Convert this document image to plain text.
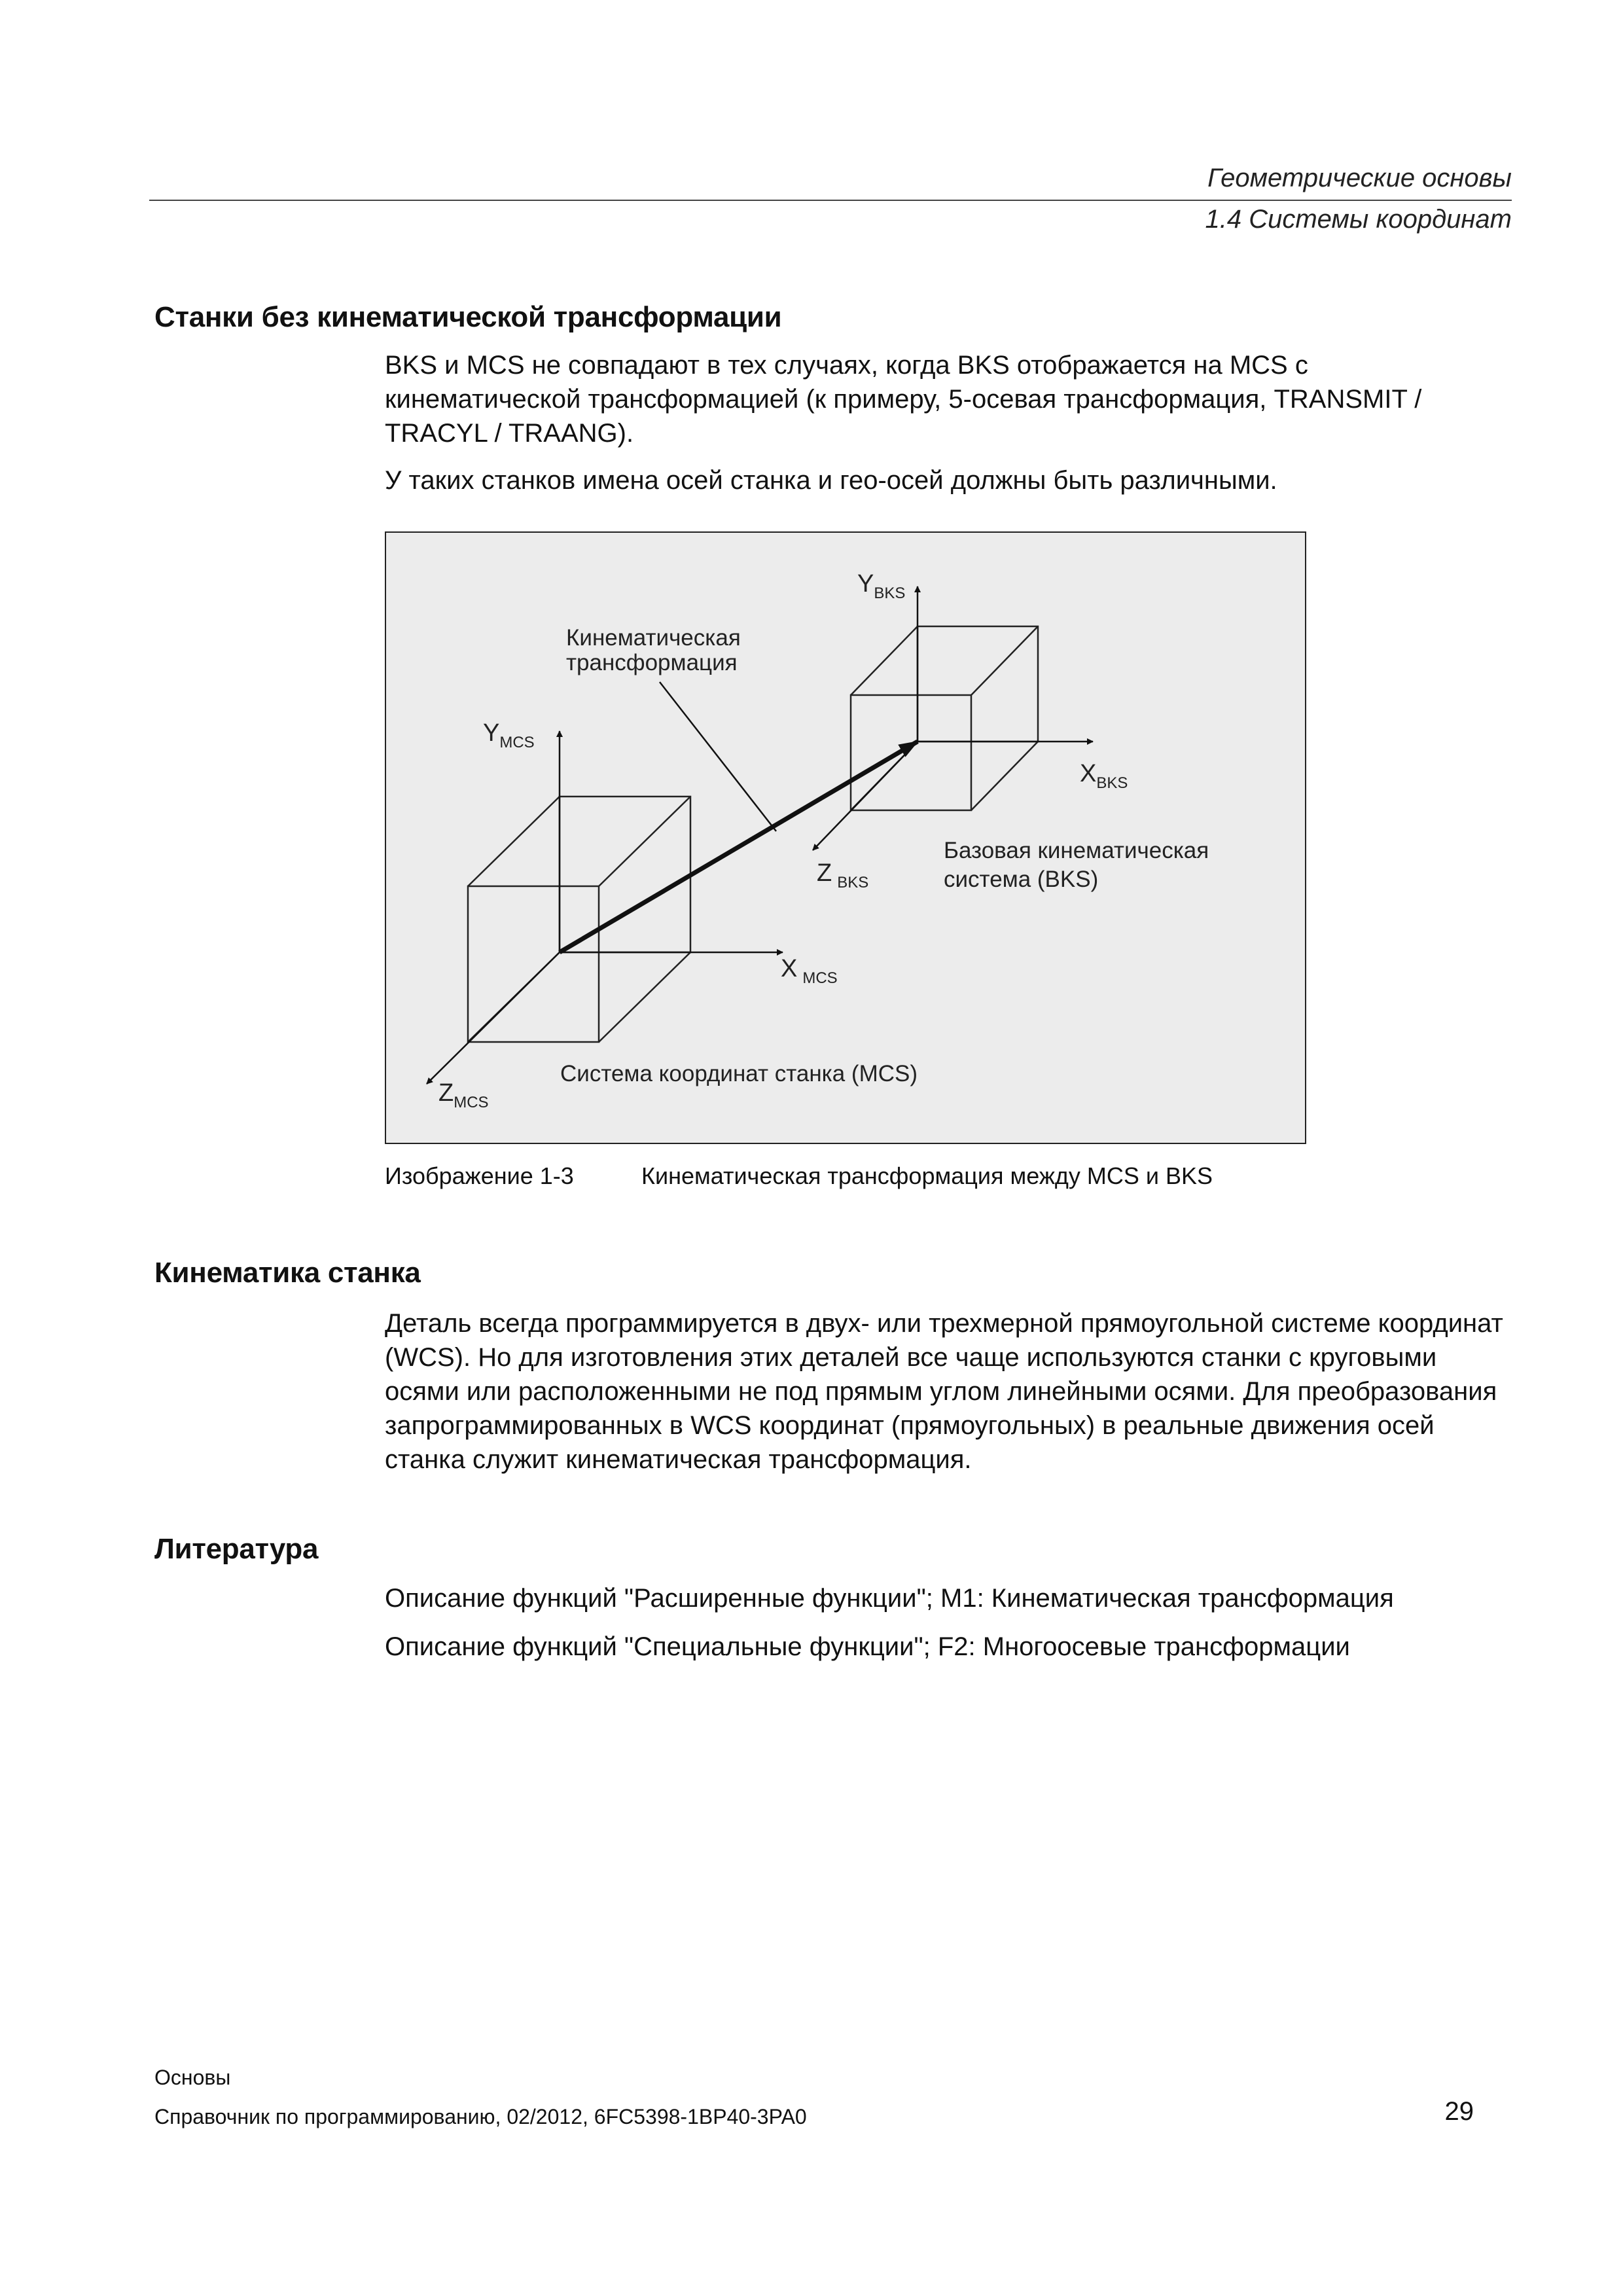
Геометрические основы
1.4 Системы координат
Станки без кинематической трансформации

BKS и MCS не совпадают в тех случаях, когда BKS отображается на MCS с кинематической трансформацией (к примеру, 5-осевая трансформация, TRANSMIT / TRACYL / TRAANG).

У таких станков имена осей станка и гео-осей должны быть различными.

Кинематическая
трансформация
$Y_{BKS}$
$X_{BKS}$
Z $_{BKS}$
$Y_{MCS}$
X $_{MCS}$
$Z_{MCS}$
Базовая кинематическая
система (BKS)
Система координат станка (MCS)
Изображение 1-3	Кинематическая трансформация между MCS и BKS
Кинематика станка

Деталь всегда программируется в двух- или трехмерной прямоугольной системе координат (WCS). Но для изготовления этих деталей все чаще используются станки с круговыми осями или расположенными не под прямым углом линейными осями. Для преобразования запрограммированных в WCS координат (прямоугольных) в реальные движения осей станка служит кинематическая трансформация.

Литература

Описание функций "Расширенные функции"; M1: Кинематическая трансформация

Описание функций "Специальные функции"; F2: Многоосевые трансформации

Основы
Справочник по программированию, 02/2012, 6FC5398-1BP40-3PA0	29
